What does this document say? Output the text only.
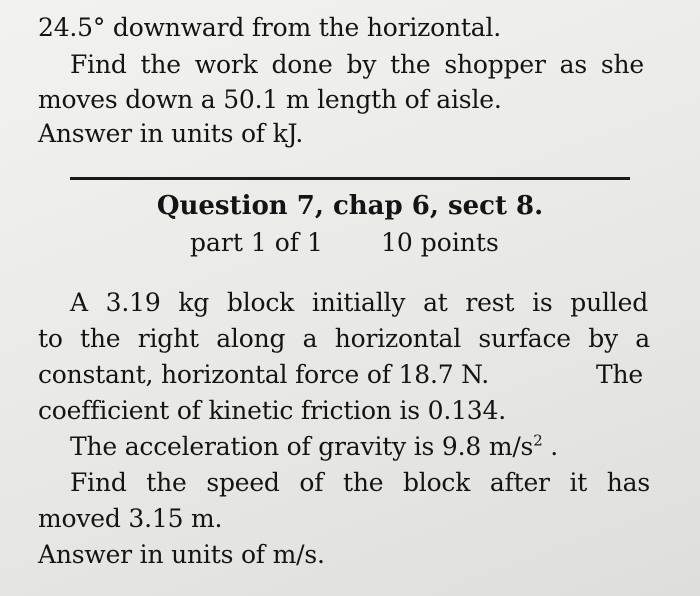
24.5° downward from the horizontal.
Find the work done by the shopper as she
moves down a 50.1 m length of aisle.
Answer in units of kJ.
Question 7, chap 6, sect 8.
part 1 of 1 10 points
A 3.19 kg block initially at rest is pulled
to the right along a horizontal surface by a
constant, horizontal force of 18.7 N.	The
coefficient of kinetic friction is 0.134.
The acceleration of gravity is 9.8 $m/s^2$ .
Find the speed of the block after it has
moved 3.15 m.
Answer in units of m/s.
